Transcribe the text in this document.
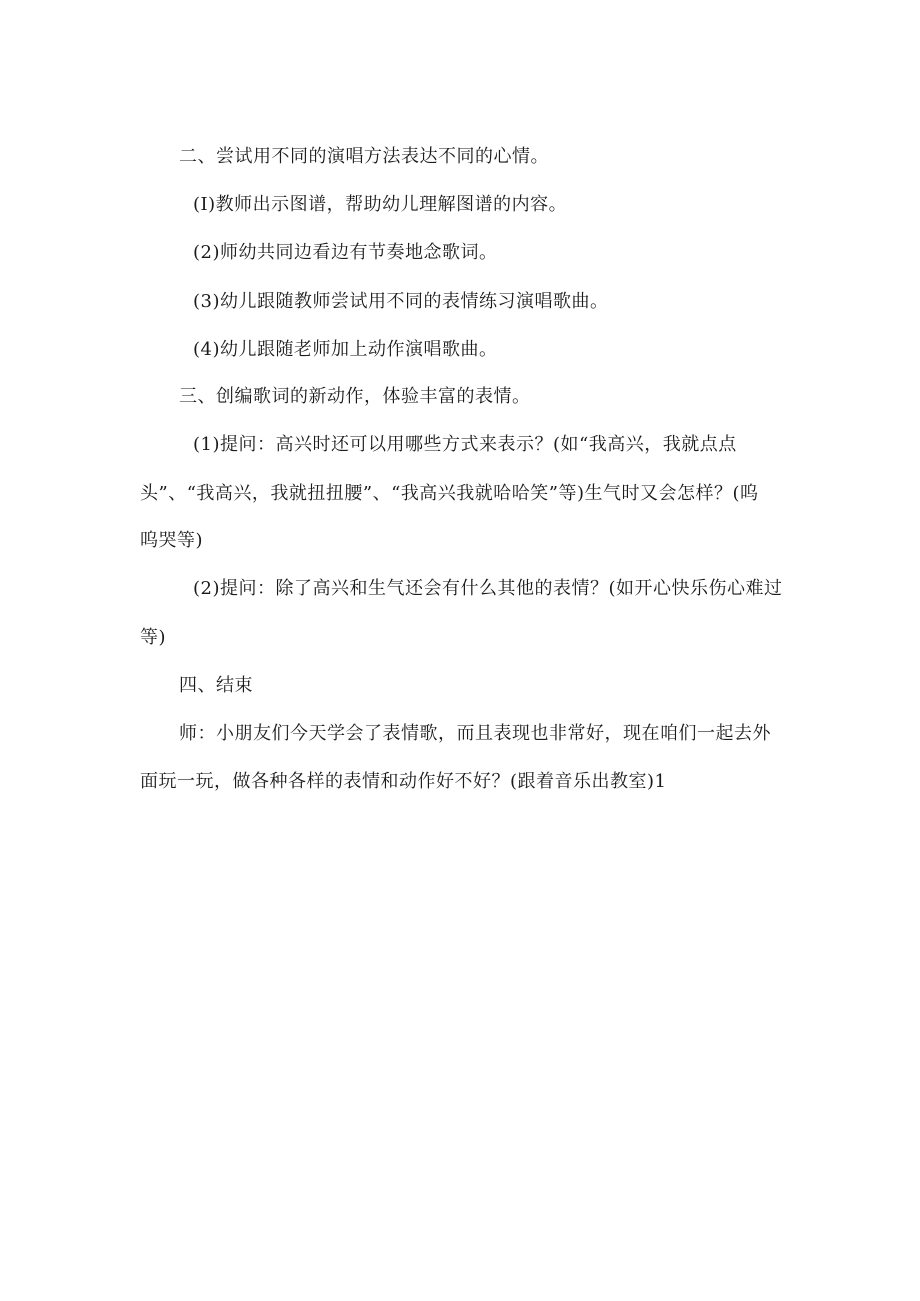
二、尝试用不同的演唱方法表达不同的心情。
(I)教师出示图谱，帮助幼儿理解图谱的内容。
(2)师幼共同边看边有节奏地念歌词。
(3)幼儿跟随教师尝试用不同的表情练习演唱歌曲。
(4)幼儿跟随老师加上动作演唱歌曲。
三、创编歌词的新动作，体验丰富的表情。
(1)提问：高兴时还可以用哪些方式来表示？(如“我高兴，我就点点
头”、“我高兴，我就扭扭腰”、“我高兴我就哈哈笑”等)生气时又会怎样？(呜
呜哭等)
(2)提问：除了高兴和生气还会有什么其他的表情？(如开心快乐伤心难过
等)
四、结束
师：小朋友们今天学会了表情歌，而且表现也非常好，现在咱们一起去外
面玩一玩，做各种各样的表情和动作好不好？(跟着音乐出教室)1
